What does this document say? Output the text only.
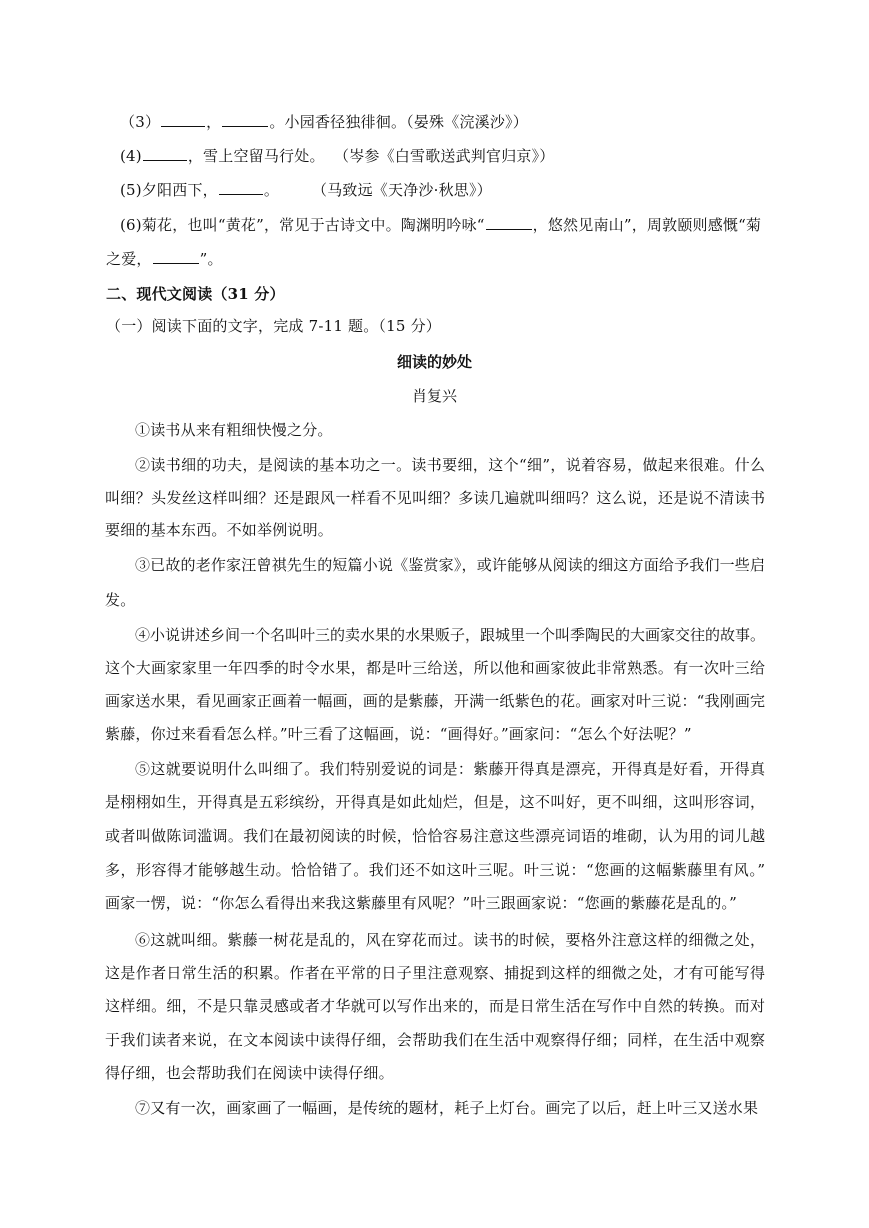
（3）	，	。小园香径独徘徊。（晏殊《浣溪沙》）
(4)	，雪上空留马行处。 （岑参《白雪歌送武判官归京》）
(5)夕阳西下，	。 （马致远《天净沙·秋思》）
(6)菊花，也叫“黄花”，常见于古诗文中。陶渊明吟咏“	，悠然见南山”，周敦颐则感慨“菊
之爱，	”。
二、现代文阅读（31 分）
（一）阅读下面的文字，完成 7-11 题。（15 分）
细读的妙处
肖复兴
①读书从来有粗细快慢之分。
②读书细的功夫，是阅读的基本功之一。读书要细，这个“细”，说着容易，做起来很难。什么
叫细？头发丝这样叫细？还是跟风一样看不见叫细？多读几遍就叫细吗？这么说，还是说不清读书
要细的基本东西。不如举例说明。
③已故的老作家汪曾祺先生的短篇小说《鉴赏家》，或许能够从阅读的细这方面给予我们一些启
发。
④小说讲述乡间一个名叫叶三的卖水果的水果贩子，跟城里一个叫季陶民的大画家交往的故事。
这个大画家家里一年四季的时令水果，都是叶三给送，所以他和画家彼此非常熟悉。有一次叶三给
画家送水果，看见画家正画着一幅画，画的是紫藤，开满一纸紫色的花。画家对叶三说：“我刚画完
紫藤，你过来看看怎么样。”叶三看了这幅画，说：“画得好。”画家问：“怎么个好法呢？”
⑤这就要说明什么叫细了。我们特别爱说的词是：紫藤开得真是漂亮，开得真是好看，开得真
是栩栩如生，开得真是五彩缤纷，开得真是如此灿烂，但是，这不叫好，更不叫细，这叫形容词，
或者叫做陈词滥调。我们在最初阅读的时候，恰恰容易注意这些漂亮词语的堆砌，认为用的词儿越
多，形容得才能够越生动。恰恰错了。我们还不如这叶三呢。叶三说：“您画的这幅紫藤里有风。”
画家一愣，说：“你怎么看得出来我这紫藤里有风呢？”叶三跟画家说：“您画的紫藤花是乱的。”
⑥这就叫细。紫藤一树花是乱的，风在穿花而过。读书的时候，要格外注意这样的细微之处，
这是作者日常生活的积累。作者在平常的日子里注意观察、捕捉到这样的细微之处，才有可能写得
这样细。细，不是只靠灵感或者才华就可以写作出来的，而是日常生活在写作中自然的转换。而对
于我们读者来说，在文本阅读中读得仔细，会帮助我们在生活中观察得仔细；同样，在生活中观察
得仔细，也会帮助我们在阅读中读得仔细。
⑦又有一次，画家画了一幅画，是传统的题材，耗子上灯台。画完了以后，赶上叶三又送水果
